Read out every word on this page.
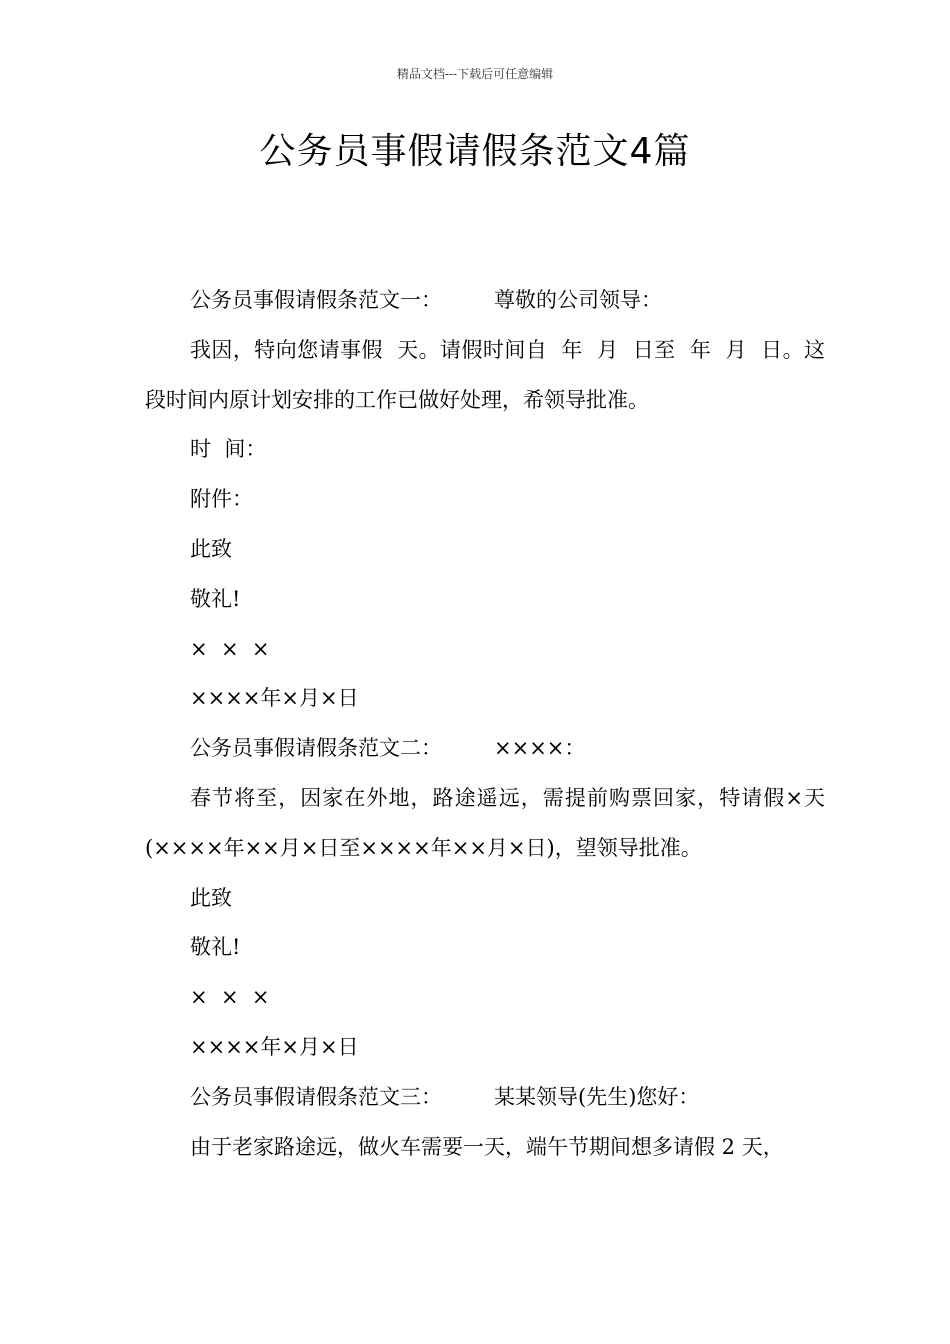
精品文档---下载后可任意编辑
公务员事假请假条范文4篇

公务员事假请假条范文一： 尊敬的公司领导：

我因，特向您请事假  天。请假时间自  年  月  日至  年  月  日。这段时间内原计划安排的工作已做好处理，希领导批准。

时  间：

附件：

此致

敬礼!

×  ×  ×

××××年×月×日

公务员事假请假条范文二： ××××：

春节将至，因家在外地，路途遥远，需提前购票回家，特请假×天(××××年××月×日至××××年××月×日)，望领导批准。

此致

敬礼!

×  ×  ×

××××年×月×日

公务员事假请假条范文三： 某某领导(先生)您好：

由于老家路途远，做火车需要一天，端午节期间想多请假 2 天，
